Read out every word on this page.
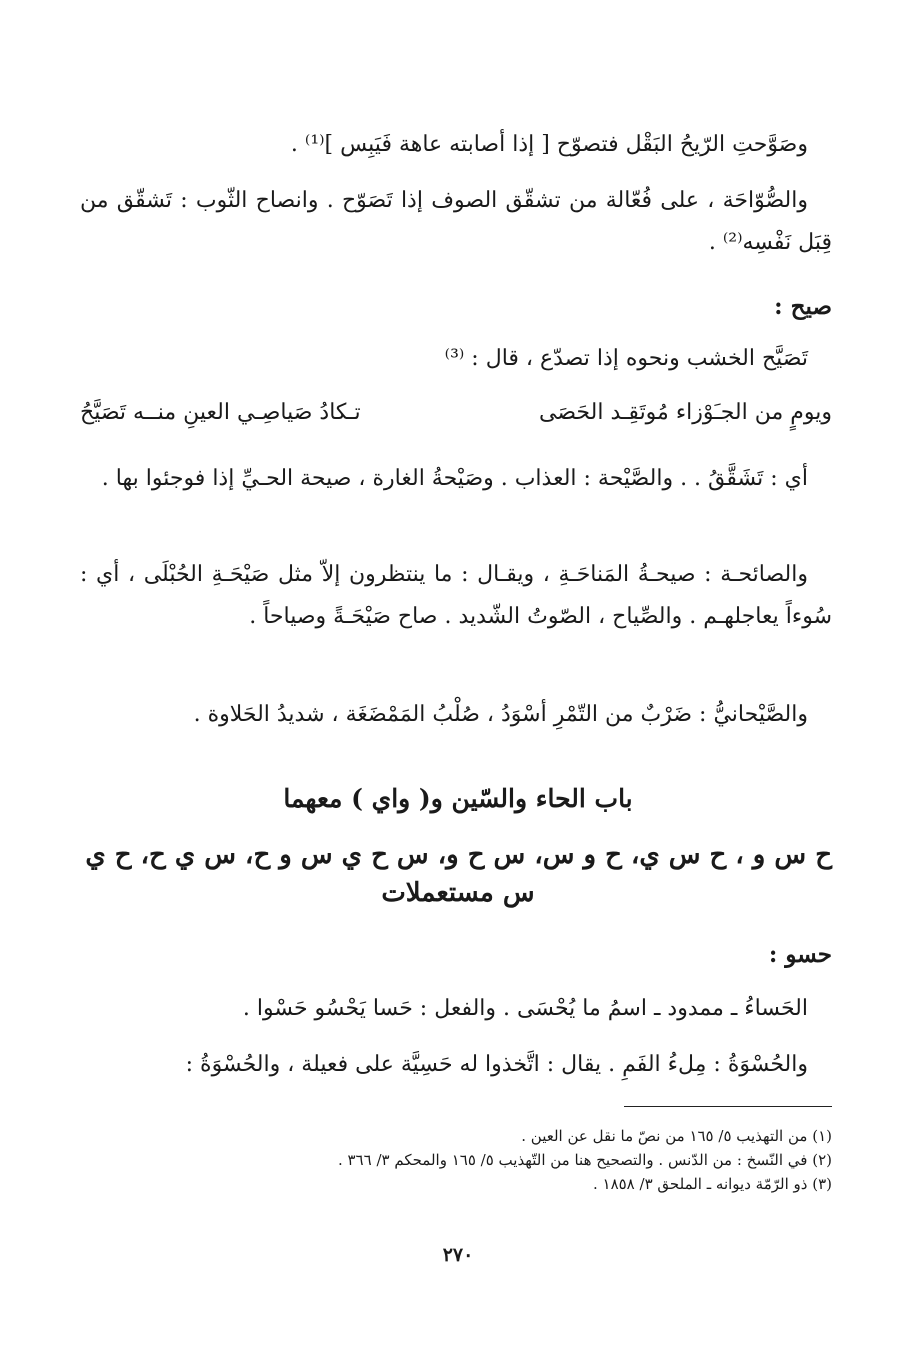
وصَوَّحتِ الرّيحُ البَقْل فتصوّح [ إذا أصابته عاهة فَيَبِس ]⁽¹⁾ .
والصُّوّاحَة ، على فُعّالة من تشقّق الصوف إذا تَصَوّح . وانصاح الثّوب : تَشقّق من قِبَل نَفْسِه⁽²⁾ .
صيح :
تَصَيَّح الخشب ونحوه إذا تصدّع ، قال : ⁽³⁾
ويومٍ من الجـَوْزاء مُوتَقِـد الحَصَى
تـكادُ صَياصِـي العينِ منــه تَصَيَّحُ
أي : تَشَقَّقُ . . والصَّيْحة : العذاب . وصَيْحةُ الغارة ، صيحة الحـيِّ إذا فوجئوا بها .
والصائحـة : صيحـةُ المَناحَـةِ ، ويقـال : ما ينتظرون إلاّ مثل صَيْحَـةِ الحُبْلَى ، أي : سُوءاً يعاجلهـم . والصِّياح ، الصّوتُ الشّديد . صاح صَيْحَـةً وصياحاً .
والصَّيْحانيُّ : ضَرْبٌ من التّمْرِ أسْوَدُ ، صُلْبُ المَمْضَغَة ، شديدُ الحَلاوة .
باب الحاء والسّين و( واي ) معهما
ح س و ، ح س ي، ح و س، س ح و، س ح ي س و ح، س ي ح، ح ي
س مستعملات
حسو :
الحَساءُ ـ ممدود ـ اسمُ ما يُحْسَى . والفعل : حَسا يَحْسُو حَسْوا .
والحُسْوَةُ : مِلءُ الفَمِ . يقال : اتَّخذوا له حَسِيَّة على فعيلة ، والحُسْوَةُ :
(١) من التهذيب ٥/ ١٦٥ من نصّ ما نقل عن العين .
(٢) في النّسخ : من الدّنس . والتصحيح هنا من التّهذيب ٥/ ١٦٥ والمحكم ٣/ ٣٦٦ .
(٣) ذو الرّمّة ديوانه ـ الملحق ٣/ ١٨٥٨ .
٢٧٠
